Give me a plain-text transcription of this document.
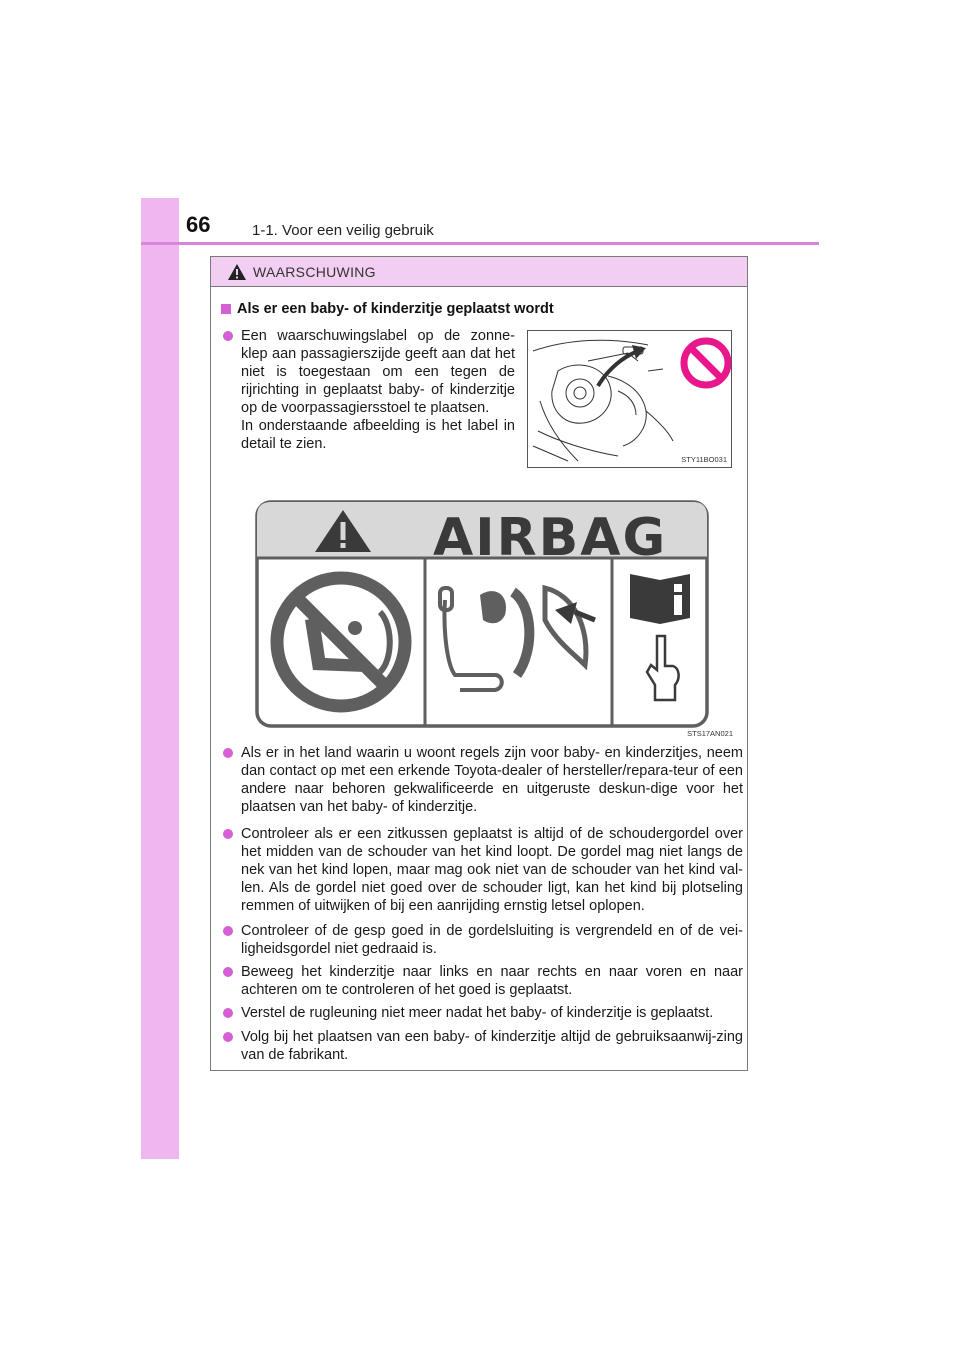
66	1-1. Voor een veilig gebruik
WAARSCHUWING
Als er een baby- of kinderzitje geplaatst wordt
Een waarschuwingslabel op de zonne-klep aan passagierszijde geeft aan dat het niet is toegestaan om een tegen de rijrichting in geplaatst baby- of kinderzitje op de voorpassagiersstoel te plaatsen.
In onderstaande afbeelding is het label in detail te zien.
STY11BO031
AIRBAG
STS17AN021
Als er in het land waarin u woont regels zijn voor baby- en kinderzitjes, neem dan contact op met een erkende Toyota-dealer of hersteller/repara-teur of een andere naar behoren gekwalificeerde en uitgeruste deskun-dige voor het plaatsen van het baby- of kinderzitje.
Controleer als er een zitkussen geplaatst is altijd of de schoudergordel over het midden van de schouder van het kind loopt. De gordel mag niet langs de nek van het kind lopen, maar mag ook niet van de schouder van het kind val-len. Als de gordel niet goed over de schouder ligt, kan het kind bij plotseling remmen of uitwijken of bij een aanrijding ernstig letsel oplopen.
Controleer of de gesp goed in de gordelsluiting is vergrendeld en of de vei-ligheidsgordel niet gedraaid is.
Beweeg het kinderzitje naar links en naar rechts en naar voren en naar achteren om te controleren of het goed is geplaatst.
Verstel de rugleuning niet meer nadat het baby- of kinderzitje is geplaatst.
Volg bij het plaatsen van een baby- of kinderzitje altijd de gebruiksaanwij-zing van de fabrikant.
